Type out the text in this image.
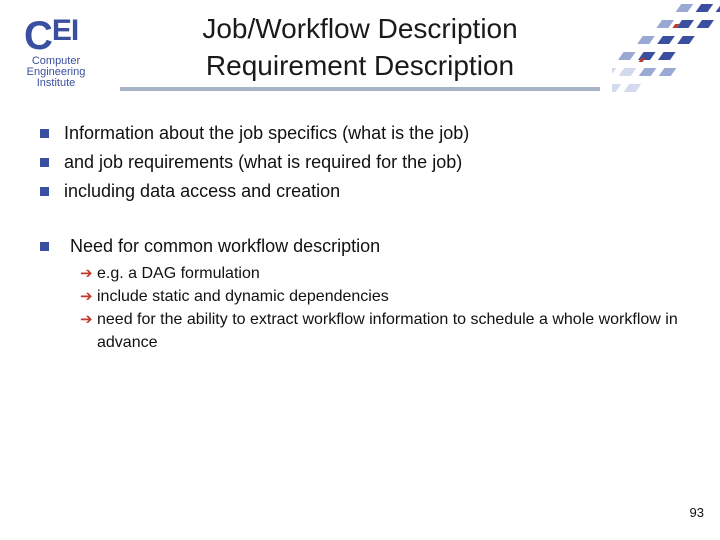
$C^{EI}$
Computer
Engineering
Institute
Job/Workflow Description
Requirement Description
Information about the job specifics (what is the job)
and job requirements (what is required for the job)
including data access and creation
Need for common workflow description
➔ e.g. a DAG formulation
➔ include static and dynamic dependencies
➔ need for the ability to extract workflow information to schedule a whole workflow in advance
93
